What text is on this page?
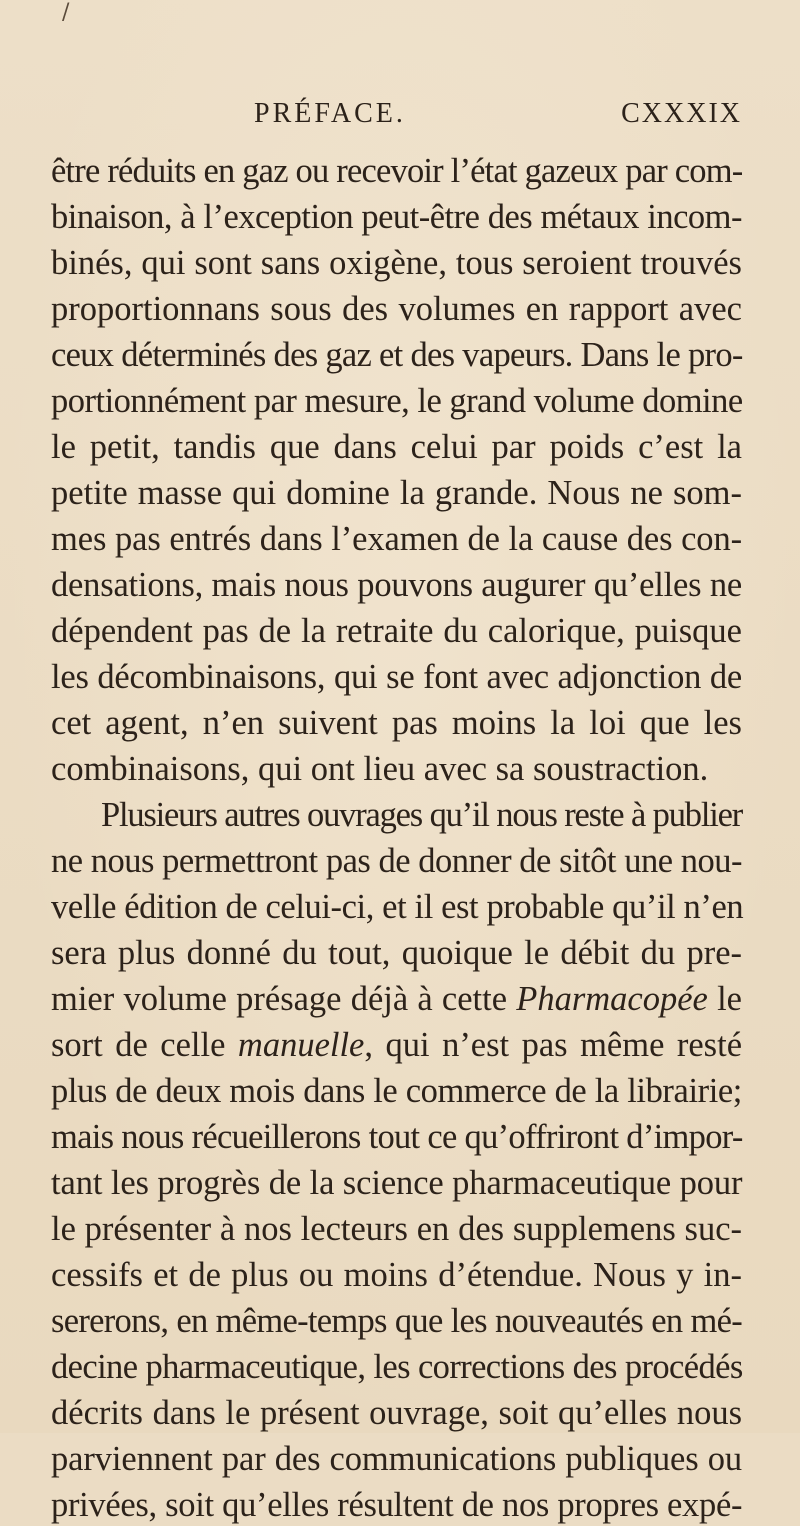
/
PRÉFACE.	CXXXIX
être réduits en gaz ou recevoir l’état gazeux par com-
binaison, à l’exception peut-être des métaux incom-
binés, qui sont sans oxigène, tous seroient trouvés
proportionnans sous des volumes en rapport avec
ceux déterminés des gaz et des vapeurs. Dans le pro-
portionnément par mesure, le grand volume domine
le petit, tandis que dans celui par poids c’est la
petite masse qui domine la grande. Nous ne som-
mes pas entrés dans l’examen de la cause des con-
densations, mais nous pouvons augurer qu’elles ne
dépendent pas de la retraite du calorique, puisque
les décombinaisons, qui se font avec adjonction de
cet agent, n’en suivent pas moins la loi que les
combinaisons, qui ont lieu avec sa soustraction.
Plusieurs autres ouvrages qu’il nous reste à publier
ne nous permettront pas de donner de sitôt une nou-
velle édition de celui-ci, et il est probable qu’il n’en
sera plus donné du tout, quoique le débit du pre-
mier volume présage déjà à cette Pharmacopée le
sort de celle manuelle, qui n’est pas même resté
plus de deux mois dans le commerce de la librairie;
mais nous récueillerons tout ce qu’offriront d’impor-
tant les progrès de la science pharmaceutique pour
le présenter à nos lecteurs en des supplemens suc-
cessifs et de plus ou moins d’étendue. Nous y in-
sererons, en même-temps que les nouveautés en mé-
decine pharmaceutique, les corrections des procédés
décrits dans le présent ouvrage, soit qu’elles nous
parviennent par des communications publiques ou
privées, soit qu’elles résultent de nos propres expé-
